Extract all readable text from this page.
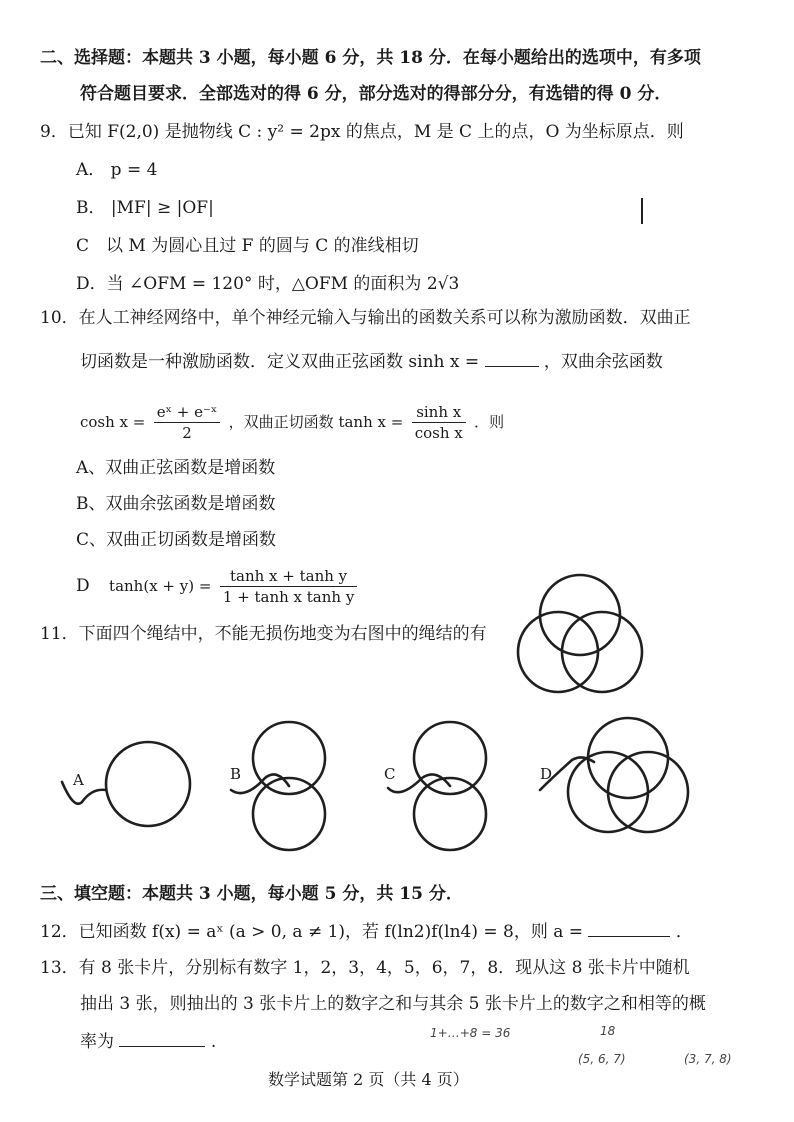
二、选择题：本题共 3 小题，每小题 6 分，共 18 分．在每小题给出的选项中，有多项
符合题目要求．全部选对的得 6 分，部分选对的得部分分，有选错的得 0 分．
9．已知 F(2,0) 是抛物线 C : y² = 2px 的焦点，M 是 C 上的点，O 为坐标原点．则
A． p = 4
B． |MF| ≥ |OF|
C　以 M 为圆心且过 F 的圆与 C 的准线相切
D．当 ∠OFM = 120° 时，△OFM 的面积为 2√3
10．在人工神经网络中，单个神经元输入与输出的函数关系可以称为激励函数．双曲正
切函数是一种激励函数．定义双曲正弦函数 sinh x =	，双曲余弦函数
$\cosh x = \frac{\text{eˣ + e⁻ˣ}}{2}$ ，双曲正切函数 $\tanh x = \frac{\text{sinh x}}{\text{cosh x}}$ ．则
A、双曲正弦函数是增函数
B、双曲余弦函数是增函数
C、双曲正切函数是增函数
D $\tanh(x + y) = \frac{\text{tanh x + tanh y}}{\text{1 + tanh x tanh y}}$
11．下面四个绳结中，不能无损伤地变为右图中的绳结的有
A	B	C	D
三、填空题：本题共 3 小题，每小题 5 分，共 15 分．
12．已知函数 f(x) = aˣ (a > 0, a ≠ 1)，若 f(ln2)f(ln4) = 8，则 a =	．
13．有 8 张卡片，分别标有数字 1，2，3，4，5，6，7，8．现从这 8 张卡片中随机
抽出 3 张，则抽出的 3 张卡片上的数字之和与其余 5 张卡片上的数字之和相等的概
率为	.	1+…+8 = 36	18
(5, 6, 7)	(3, 7, 8)
数学试题第 2 页（共 4 页）
